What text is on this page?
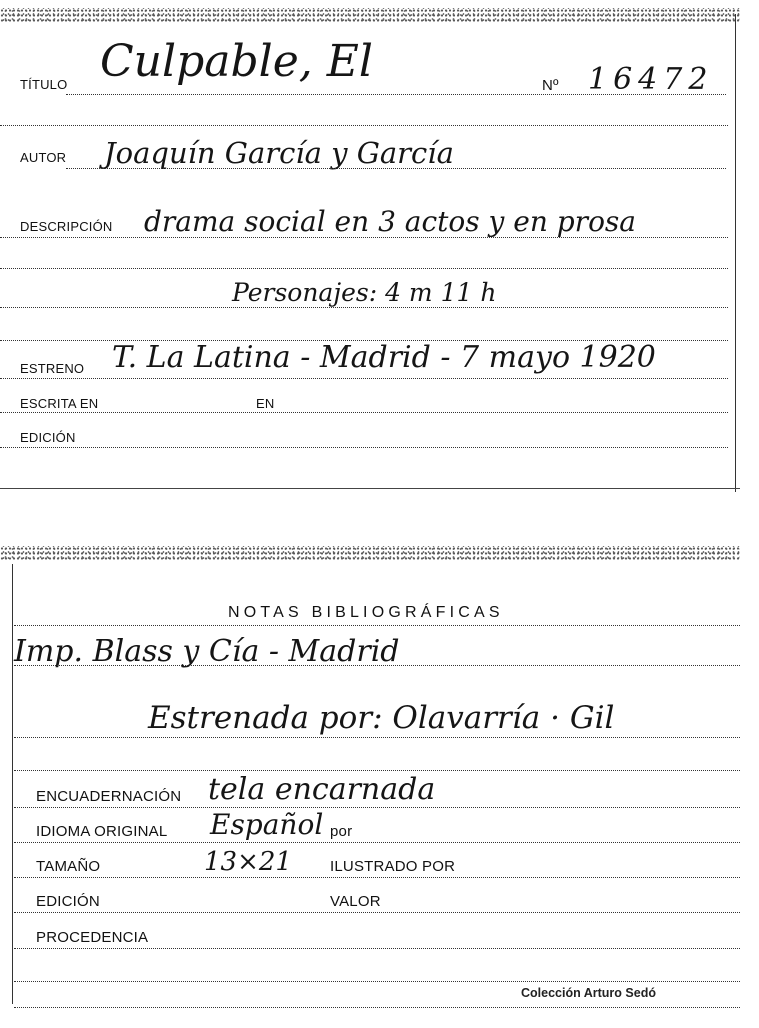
TÍTULO Culpable, El	Nº 16472
AUTOR Joaquín García y García
DESCRIPCIÓN drama social en 3 actos y en prosa
Personajes: 4 m 11 h
ESTRENO T. La Latina - Madrid - 7 mayo 1920
ESCRITA EN	EN
EDICIÓN
NOTAS BIBLIOGRÁFICAS
Imp. Blass y Cía - Madrid
Estrenada por: Olavarría · Gil
ENCUADERNACIÓN tela encarnada
IDIOMA ORIGINAL Español por
TAMAÑO	13×21	ILUSTRADO POR
EDICIÓN	VALOR
PROCEDENCIA
Colección Arturo Sedó
